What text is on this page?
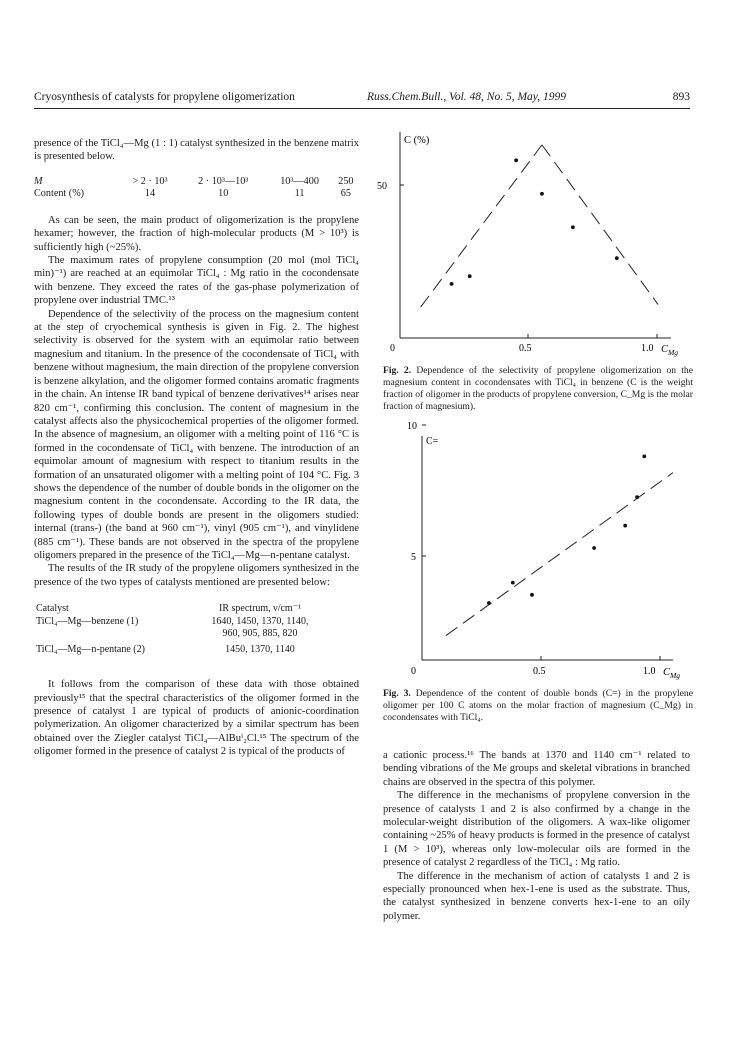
Cryosynthesis of catalysts for propylene oligomerization	Russ.Chem.Bull., Vol. 48, No. 5, May, 1999	893

presence of the TiCl₄—Mg (1 : 1) catalyst synthesized in the benzene matrix is presented below.

M	> 2 · 10³	2 · 10³—10³	10³—400	250
Content (%)	14	10	11	65

As can be seen, the main product of oligomerization is the propylene hexamer; however, the fraction of high-molecular products (M > 10³) is sufficiently high (~25%).

The maximum rates of propylene consumption (20 mol (mol TiCl₄ min)⁻¹) are reached at an equimolar TiCl₄ : Mg ratio in the cocondensate with benzene. They exceed the rates of the gas-phase polymerization of propylene over industrial TMC.¹³

Dependence of the selectivity of the process on the magnesium content at the step of cryochemical synthesis is given in Fig. 2. The highest selectivity is observed for the system with an equimolar ratio between magnesium and titanium. In the presence of the cocondensate of TiCl₄ with benzene without magnesium, the main direction of the propylene conversion is benzene alkylation, and the oligomer formed contains aromatic fragments in the chain. An intense IR band typical of benzene derivatives¹⁴ arises near 820 cm⁻¹, confirming this conclusion. The content of magnesium in the catalyst affects also the physicochemical properties of the oligomer formed. In the absence of magnesium, an oligomer with a melting point of 116 °C is formed in the cocondensate of TiCl₄ with benzene. The introduction of an equimolar amount of magnesium with respect to titanium results in the formation of an unsaturated oligomer with a melting point of 104 °C. Fig. 3 shows the dependence of the number of double bonds in the oligomer on the magnesium content in the cocondensate. According to the IR data, the following types of double bonds are present in the oligomers studied: internal (trans-) (the band at 960 cm⁻¹), vinyl (905 cm⁻¹), and vinylidene (885 cm⁻¹). These bands are not observed in the spectra of the propylene oligomers prepared in the presence of the TiCl₄—Mg—n-pentane catalyst.

The results of the IR study of the propylene oligomers synthesized in the presence of the two types of catalysts mentioned are presented below:

Catalyst	IR spectrum, ν/cm⁻¹
TiCl₄—Mg—benzene (1)	1640, 1450, 1370, 1140,
	960, 905, 885, 820
TiCl₄—Mg—n-pentane (2)	1450, 1370, 1140

It follows from the comparison of these data with those obtained previously¹⁵ that the spectral characteristics of the oligomer formed in the presence of catalyst 1 are typical of products of anionic-coordination polymerization. An oligomer characterized by a similar spectrum has been obtained over the Ziegler catalyst TiCl₄—AlBuⁱ₂Cl.¹⁵ The spectrum of the oligomer formed in the presence of catalyst 2 is typical of the products of

C (%)
50
0	0.5	1.0 $C_{Mg}$
Fig. 2. Dependence of the selectivity of propylene oligomerization on the magnesium content in cocondensates with TiCl₄ in benzene (C is the weight fraction of oligomer in the products of propylene conversion, C_Mg is the molar fraction of magnesium).
C=
10
5
0	0.5	1.0 $C_{Mg}$
Fig. 3. Dependence of the content of double bonds (C=) in the propylene oligomer per 100 C atoms on the molar fraction of magnesium (C_Mg) in cocondensates with TiCl₄.

a cationic process.¹⁶ The bands at 1370 and 1140 cm⁻¹ related to bending vibrations of the Me groups and skeletal vibrations in branched chains are observed in the spectra of this polymer.

The difference in the mechanisms of propylene conversion in the presence of catalysts 1 and 2 is also confirmed by a change in the molecular-weight distribution of the oligomers. A wax-like oligomer containing ~25% of heavy products is formed in the presence of catalyst 1 (M > 10³), whereas only low-molecular oils are formed in the presence of catalyst 2 regardless of the TiCl₄ : Mg ratio.

The difference in the mechanism of action of catalysts 1 and 2 is especially pronounced when hex-1-ene is used as the substrate. Thus, the catalyst synthesized in benzene converts hex-1-ene to an oily polymer.
